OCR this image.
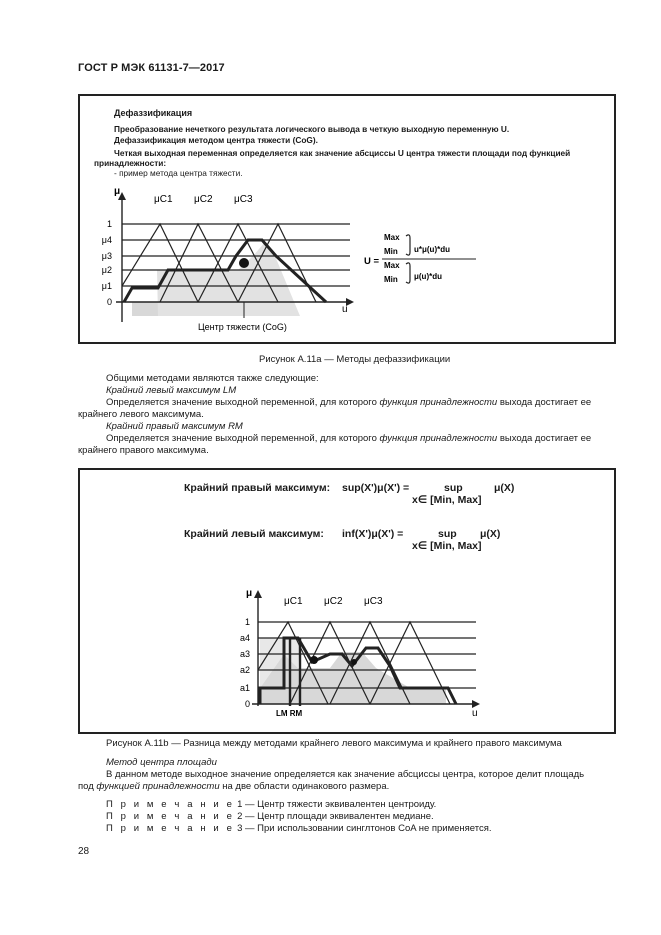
ГОСТ Р МЭК 61131-7—2017
Дефаззификация
Преобразование нечеткого результата логического вывода в четкую выходную переменную U.
Дефаззификация методом центра тяжести (CoG).
Четкая выходная переменная определяется как значение абсциссы U центра тяжести площади под функцией
принадлежности:
- пример метода центра тяжести.
μ
u
μC1 μC2 μC3
1
μ4
μ3
μ2
μ1
0
Центр тяжести (CoG)
U =
Max
Min u*μ(u)*du
Max
Min μ(u)*du
Рисунок А.11а — Методы дефаззификации
Общими методами являются также следующие:
Крайний левый максимум LM
Определяется значение выходной переменной, для которого функция принадлежности выхода достигает ее
крайнего левого максимума.
Крайний правый максимум RM
Определяется значение выходной переменной, для которого функция принадлежности выхода достигает ее
крайнего правого максимума.
Крайний правый максимум: sup(X')μ(X') =	sup	μ(X)
x∈ [Min, Max]
Крайний левый максимум: inf(X')μ(X') =	sup μ(X)
x∈ [Min, Max]
μ
u
μC1 μC2 μC3
1
a4
a3
a2
a1
0
LM RM
Рисунок А.11b — Разница между методами крайнего левого максимума и крайнего правого максимума
Метод центра площади
В данном методе выходное значение определяется как значение абсциссы центра, которое делит площадь
под функцией принадлежности на две области одинакового размера.
П р и м е ч а н и е 1 — Центр тяжести эквивалентен центроиду.
П р и м е ч а н и е 2 — Центр площади эквивалентен медиане.
П р и м е ч а н и е 3 — При использовании синглтонов CoA не применяется.
28
